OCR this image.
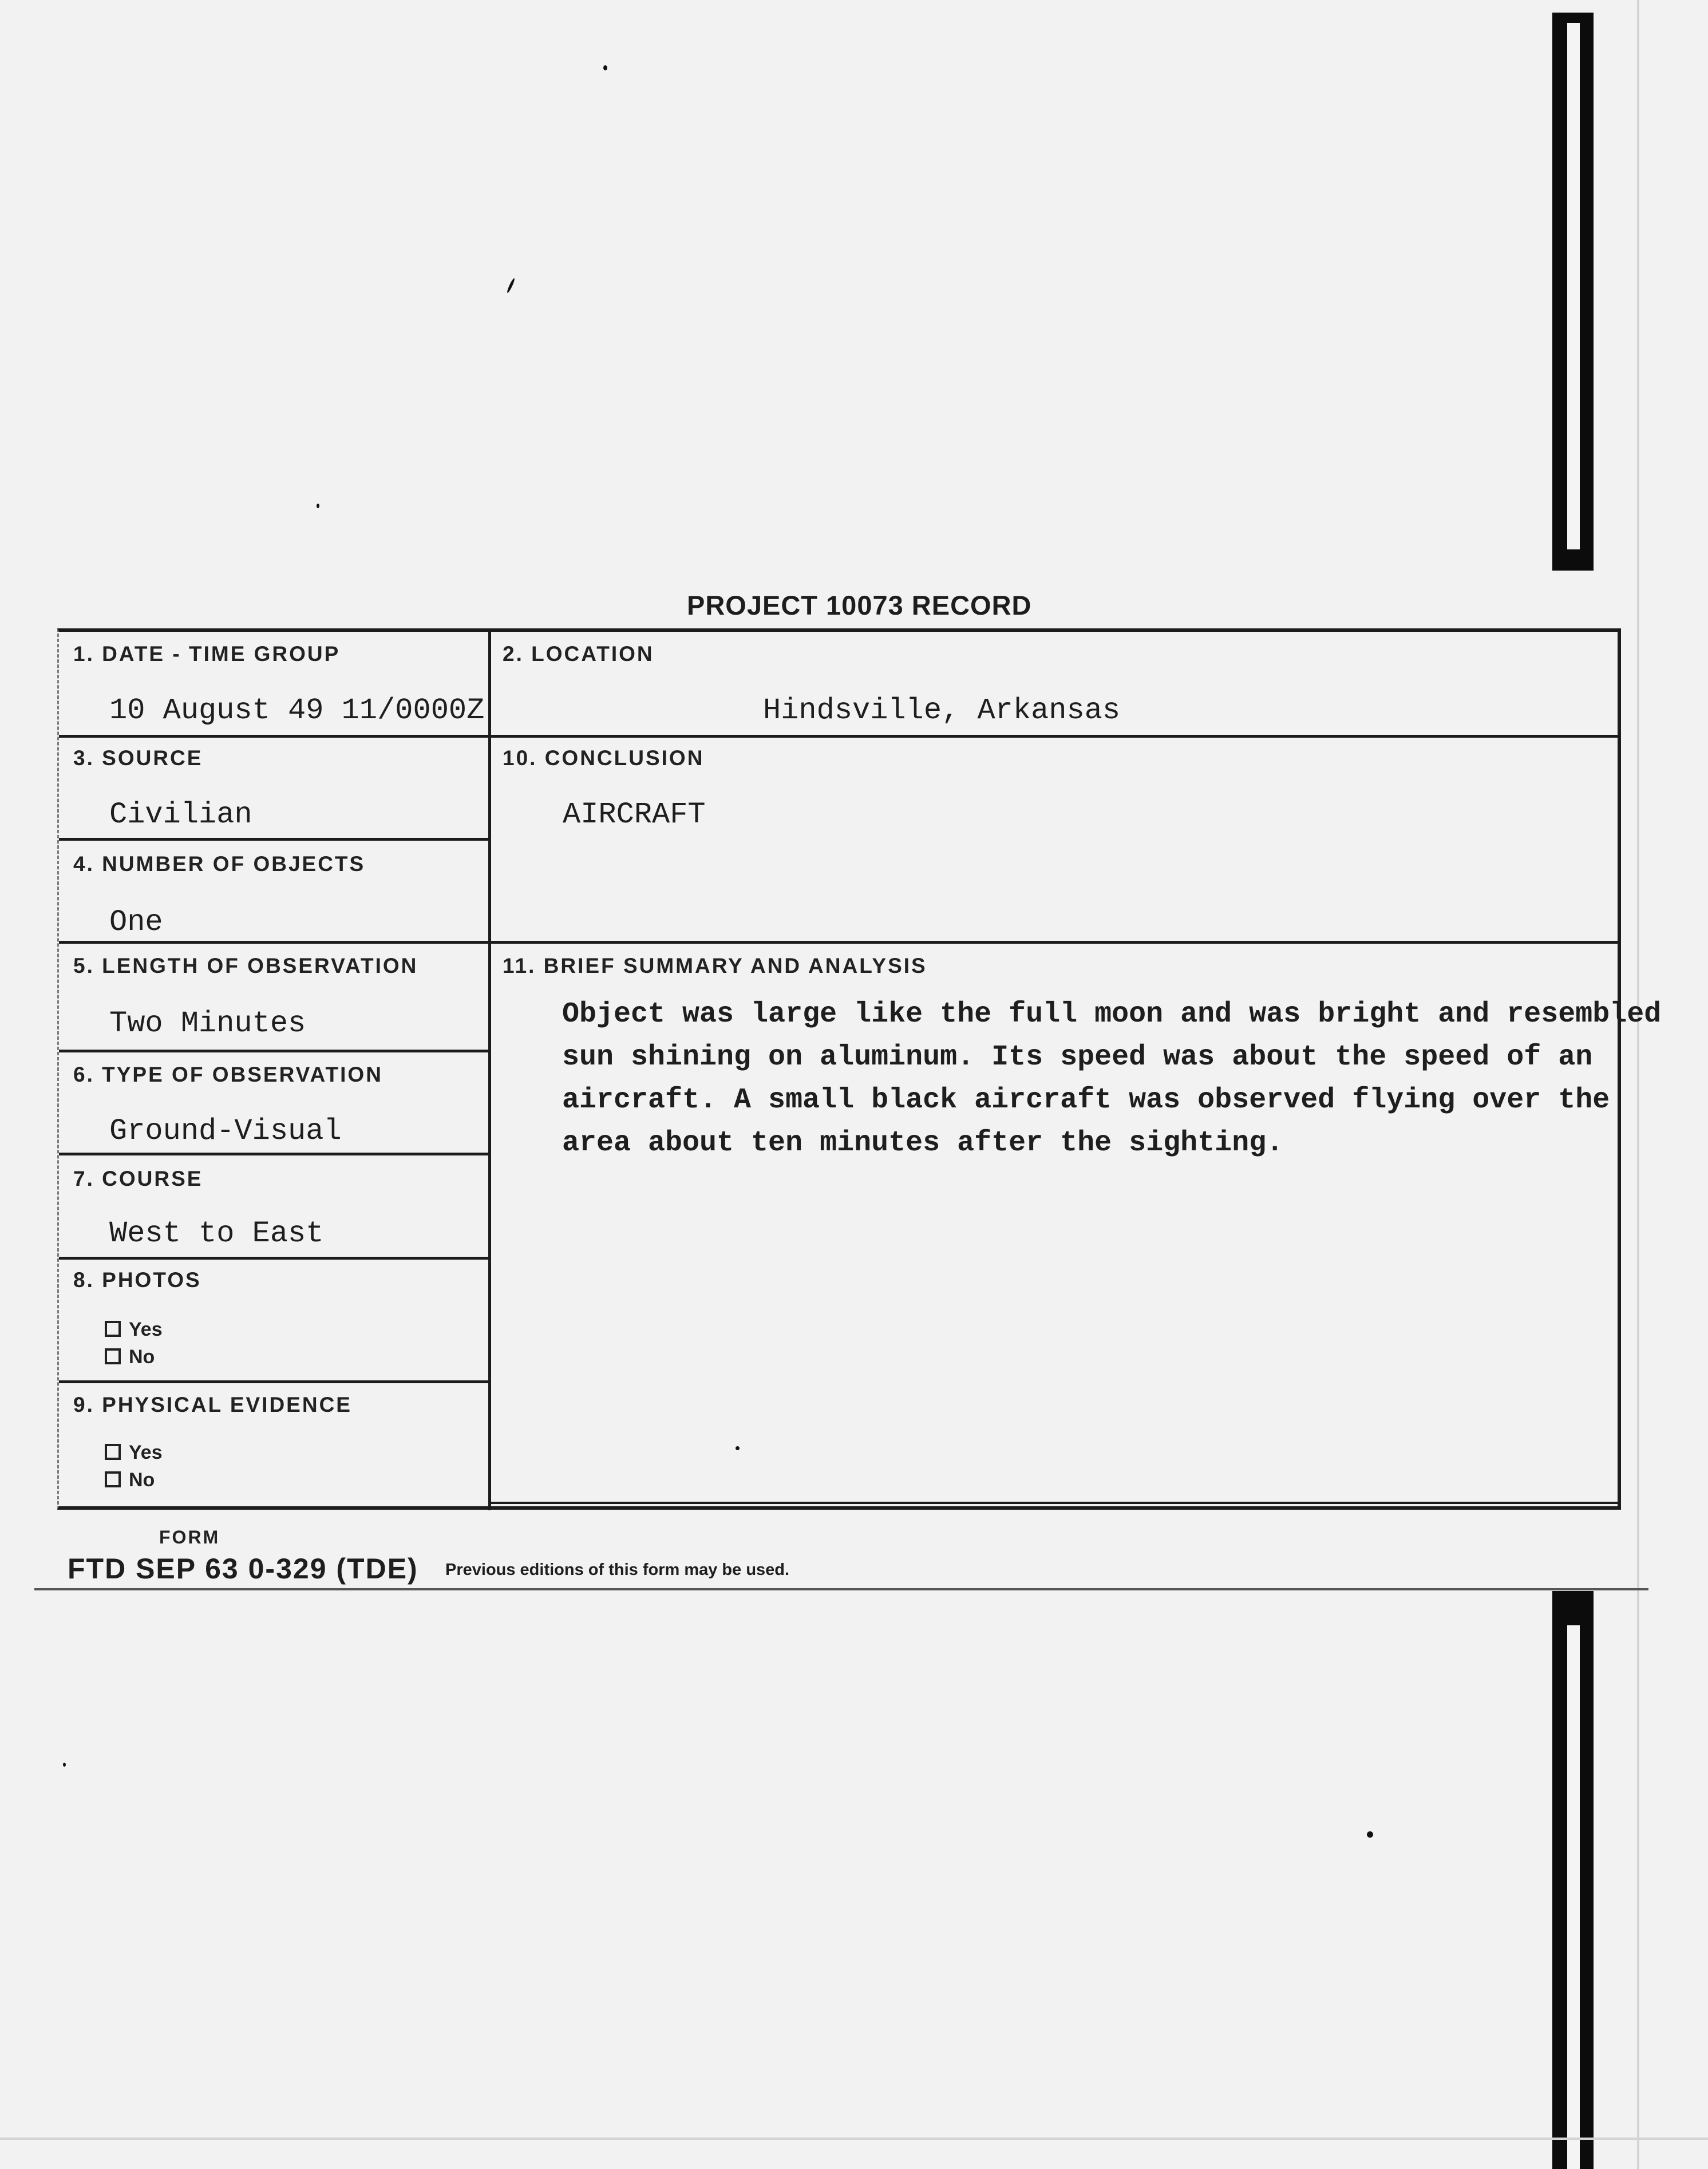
PROJECT 10073 RECORD
1. DATE - TIME GROUP
10 August 49 11/0000Z
2. LOCATION
Hindsville, Arkansas
3. SOURCE
Civilian
10. CONCLUSION
AIRCRAFT
4. NUMBER OF OBJECTS
One
5. LENGTH OF OBSERVATION
Two Minutes
11. BRIEF SUMMARY AND ANALYSIS
6. TYPE OF OBSERVATION
Ground-Visual
7. COURSE
West to East
8. PHOTOS
Yes
No
9. PHYSICAL EVIDENCE
Yes
No
Object was large like the full moon and was bright and resembled
sun shining on aluminum. Its speed was about the speed of an
aircraft. A small black aircraft was observed flying over the
area about ten minutes after the sighting.
FORM
FTD SEP 63 0-329 (TDE) Previous editions of this form may be used.
